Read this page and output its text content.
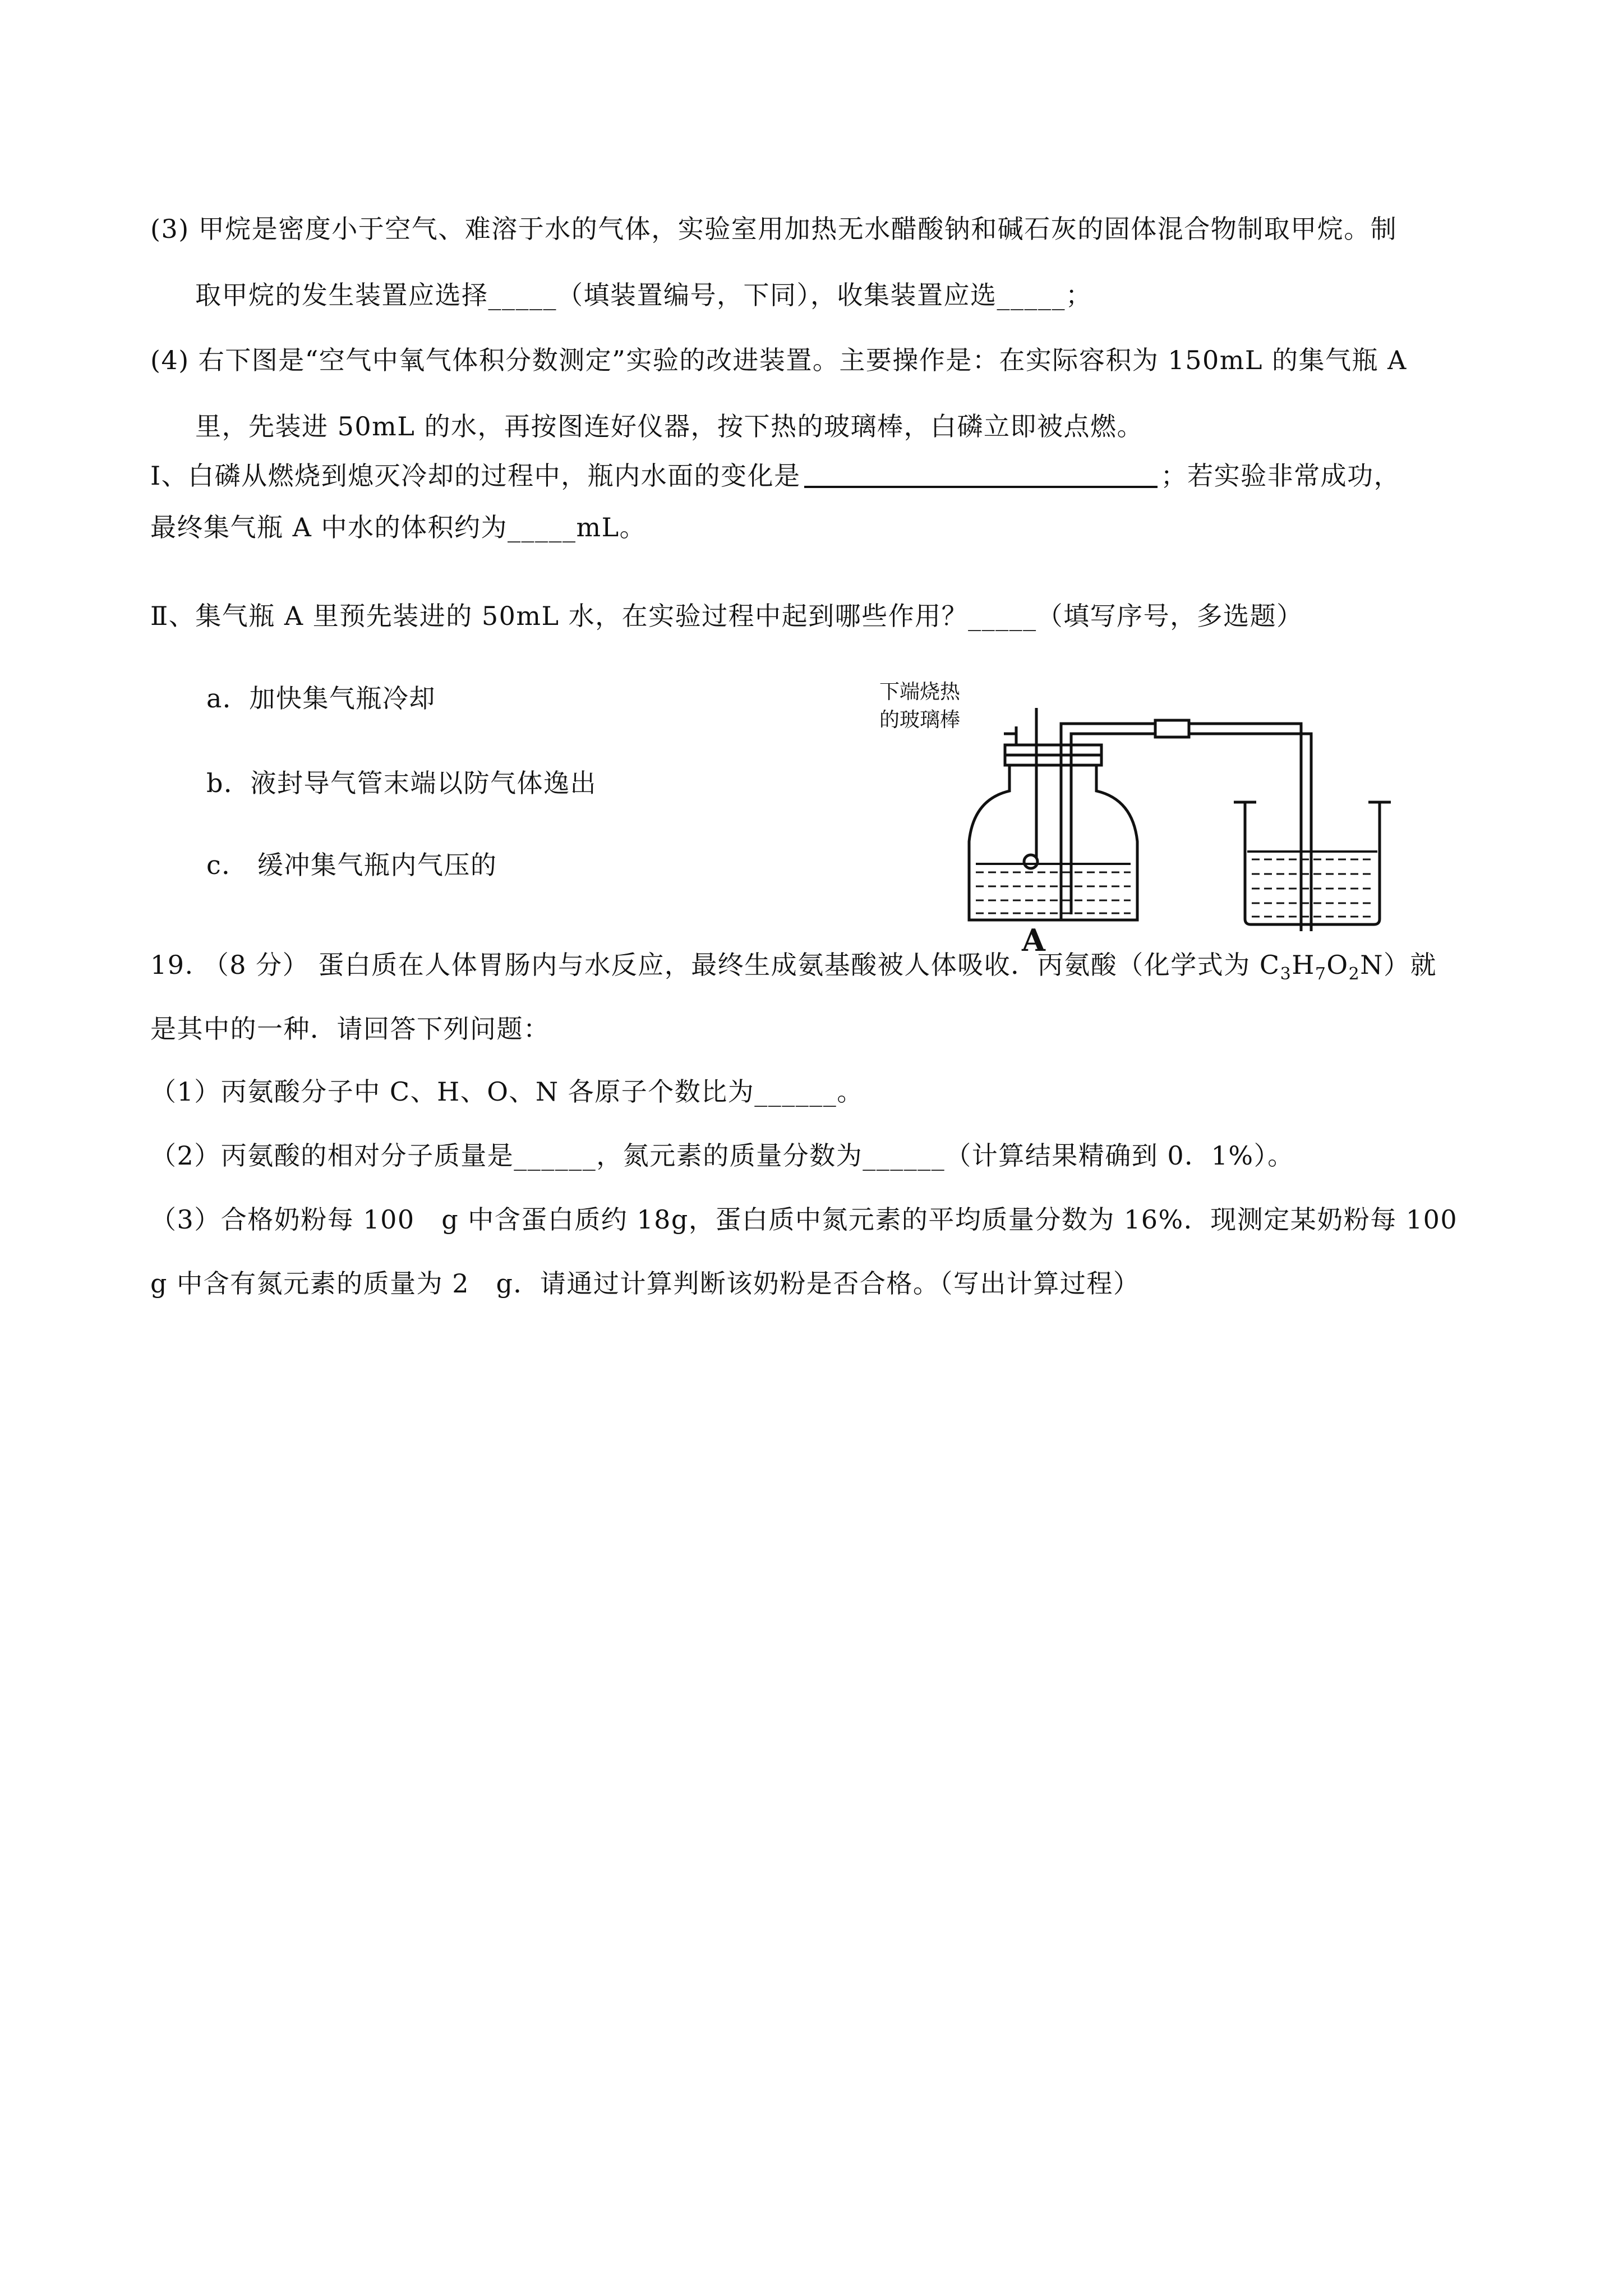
(3) 甲烷是密度小于空气、难溶于水的气体，实验室用加热无水醋酸钠和碱石灰的固体混合物制取甲烷。制
取甲烷的发生装置应选择_____（填装置编号，下同），收集装置应选_____；
(4) 右下图是“空气中氧气体积分数测定”实验的改进装置。主要操作是：在实际容积为 150mL 的集气瓶 A
里，先装进 50mL 的水，再按图连好仪器，按下热的玻璃棒，白磷立即被点燃。
Ⅰ、白磷从燃烧到熄灭冷却的过程中，瓶内水面的变化是	；若实验非常成功，
最终集气瓶 A 中水的体积约为_____mL。
Ⅱ、集气瓶 A 里预先装进的 50mL 水，在实验过程中起到哪些作用？_____（填写序号，多选题）
a．加快集气瓶冷却
b．液封导气管末端以防气体逸出
c． 缓冲集气瓶内气压的
下端烧热
的玻璃棒
A
19. （8 分） 蛋白质在人体胃肠内与水反应，最终生成氨基酸被人体吸收．丙氨酸（化学式为 $C_3H_7O_2N$）就
是其中的一种．请回答下列问题：
（1）丙氨酸分子中 C、H、O、N 各原子个数比为______。
（2）丙氨酸的相对分子质量是______，氮元素的质量分数为______（计算结果精确到 0．1%）。
（3）合格奶粉每 100　g 中含蛋白质约 18g，蛋白质中氮元素的平均质量分数为 16%．现测定某奶粉每 100
g 中含有氮元素的质量为 2　g．请通过计算判断该奶粉是否合格。（写出计算过程）
